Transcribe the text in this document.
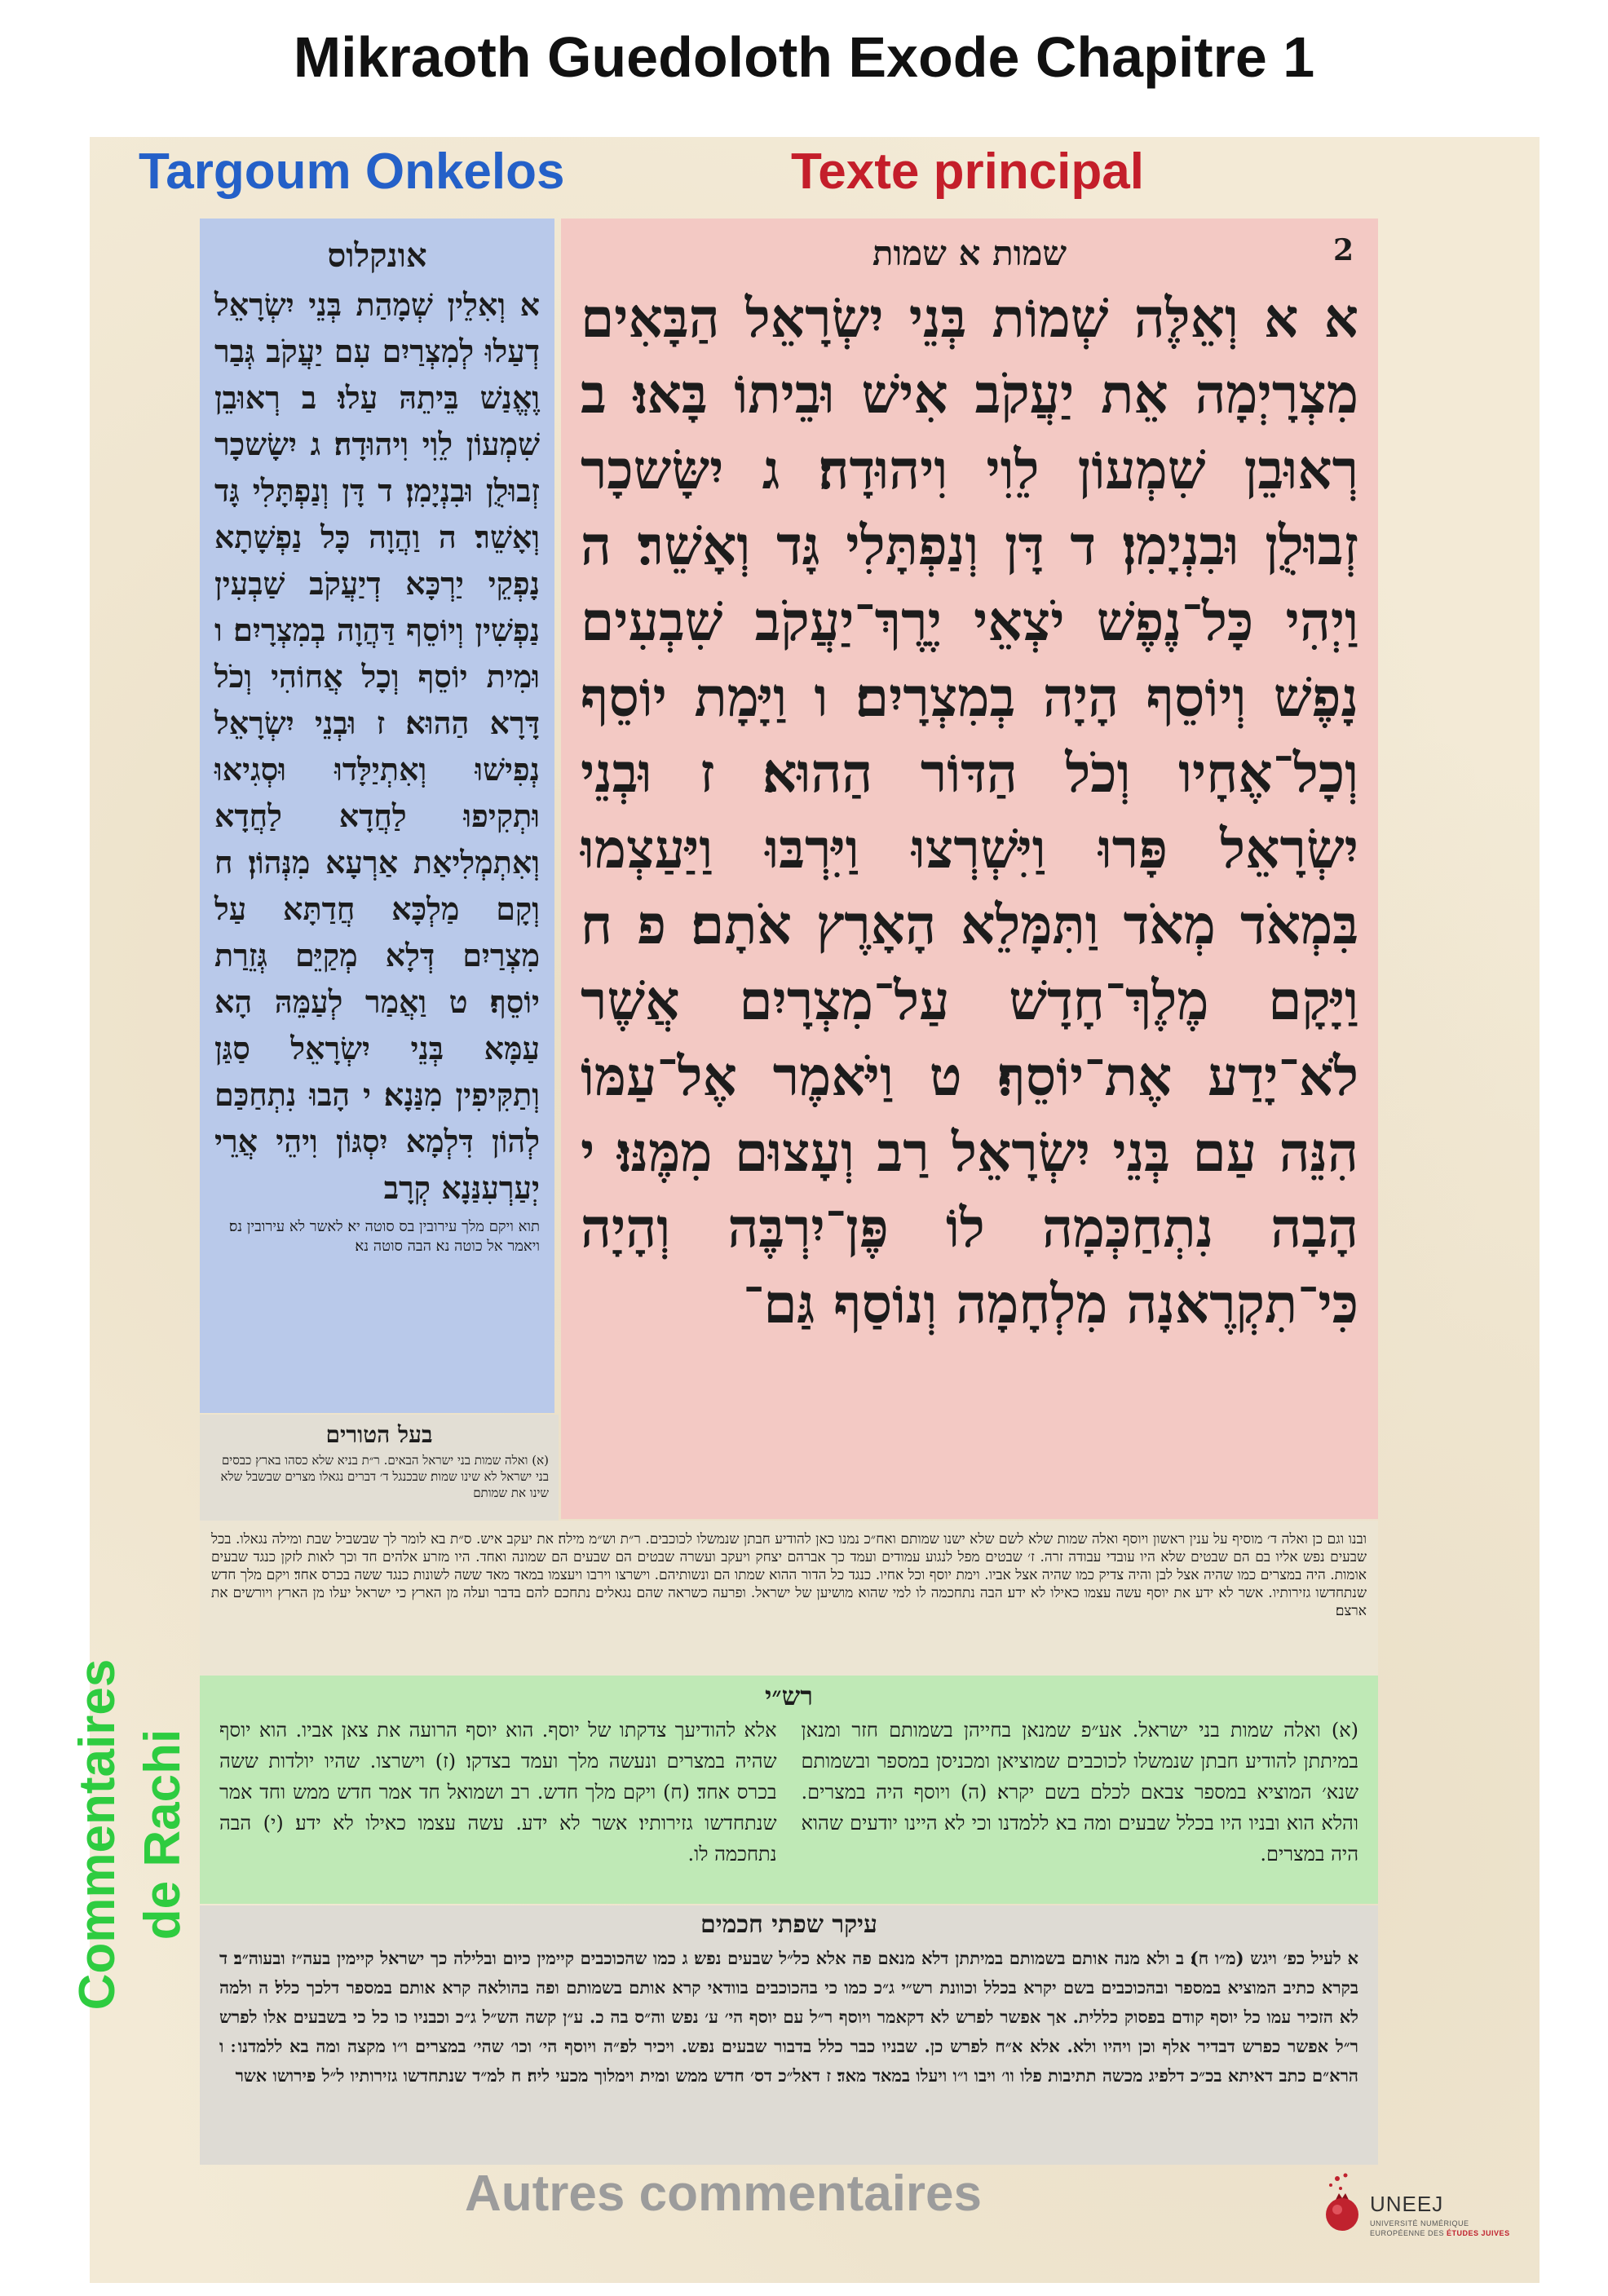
Mikraoth Guedoloth Exode Chapitre 1
Targoum Onkelos	Texte principal
Commentaires de Rachi
אונקלוס
א וְאִלֵין שְׁמָהַת בְּנֵי יִשְׂרָאֵל דְעַלוּ לְמִצְרַיִם עִם יַעֲקֹב גְּבַר וֶאֱנַשׁ בֵּיתֵהּ עַלוּ׃ ב רְאוּבֵן שִׁמְעוֹן לֵוִי וִיהוּדָה׃ ג יִשָׂשכָר זְבוּלֻן וּבִנְיָמִן׃ ד דָּן וְנַפְתָּלִי גָּד וְאָשֵׁר׃ ה וַהֲוָה כָּל נַפְשָׁתָא נָפְקֵי יַרְכָּא דְיַעֲקֹב שַׁבְעִין נַפְשִׁין וְיוֹסֵף דַּהֲוָה בְמִצְרָיִם׃ ו וּמִית יוֹסֵף וְכָל אֲחוֹהִי וְכֹל דָּרָא הַהוּא׃ ז וּבְנֵי יִשְׂרָאֵל נְפִישׁוּ וְאִתְיַלָּדוּ וּסְגִיאוּ וּתְקִיפוּ לַחֲדָא לַחֲדָא וְאִתְמְלִיאַת אַרְעָא מִנְּהוֹן׃ ח וְקָם מַלְכָּא חֲדַתָּא עַל מִצְרַיִם דְּלָא מְקַיֵּם גְּזֵרַת יוֹסֵף׃ ט וַאֲמַר לְעַמֵּהּ הָא עַמָּא בְּנֵי יִשְׂרָאֵל סַגַּן וְתַקִּיפִין מִנַּנָא׃ י הָבוּ נִתְחַכַּם לְהוֹן דִּלְמָא יִסְגּוֹן וִיהֵי אֲרֵי יְעַרְעִנַּנָא קְרָב
תוא ויקם מלך עירובין בס סוטה יא׃ לאשר לא עירובין נס׃ ויאמר אל כוטה נא׃ הבה סוטה נא׃
שמות א שמות	2
א א וְאֵלֶּה שְׁמוֹת בְּנֵי יִשְׂרָאֵל הַבָּאִים מִצְרָיְמָה אֵת יַעֲקֹב אִישׁ וּבֵיתוֹ בָּאוּ׃ ב רְאוּבֵן שִׁמְעוֹן לֵוִי וִיהוּדָה׃ ג יִשָּׂשכָר זְבוּלֻן וּבִנְיָמִן׃ ד דָּן וְנַפְתָּלִי גָּד וְאָשֵׁר׃ ה וַיְהִי כָּל־נֶפֶשׁ יֹצְאֵי יֶרֶךְ־יַעֲקֹב שִׁבְעִים נָפֶשׁ וְיוֹסֵף הָיָה בְמִצְרָיִם׃ ו וַיָּמָת יוֹסֵף וְכָל־אֶחָיו וְכֹל הַדּוֹר הַהוּא׃ ז וּבְנֵי יִשְׂרָאֵל פָּרוּ וַיִּשְׁרְצוּ וַיִּרְבּוּ וַיַּעַצְמוּ בִּמְאֹד מְאֹד וַתִּמָּלֵא הָאָרֶץ אֹתָם׃ פ ח וַיָּקָם מֶלֶךְ־חָדָשׁ עַל־מִצְרָיִם אֲשֶׁר לֹא־יָדַע אֶת־יוֹסֵף׃ ט וַיֹּאמֶר אֶל־עַמּוֹ הִנֵּה עַם בְּנֵי יִשְׂרָאֵל רַב וְעָצוּם מִמֶּנּוּ׃ י הָבָה נִתְחַכְּמָה לוֹ פֶּן־יִרְבֶּה וְהָיָה כִּי־תִקְרֶאנָה מִלְחָמָה וְנוֹסַף גַּם־
בעל הטורים
(א) ואלה שמות בני ישראל הבאים. ר״ת בניא שלא כסהו בארץ כבסים בני ישראל לא שינו שמות׃ שבכנגל ד׳ דברים נגאלו מצרים שבשבל שלא שינו את שמותם
ובנו וגם כן ואלה ד׳ מוסיף על ענין ראשון ויוסף ואלה שמות שלא לשם שלא ישנו שמותם ואח״כ נמנו כאן להודיע חבתן שנמשלו לכוכבים. ר״ת וש״מ מילה׃ את יעקב איש. ס״ת בא לומר לך שבשביל שבת ומילה נגאלו. בכל שבעים נפש אליו בם הם שבטים שלא היו עובדי עבודה זרה. ז׳ שבטים מפל לנגוע עמודים ועמד כך אברהם יצחק ויעקב ועשרה שבטים הם שבעים הם שמונה ואחד. היו מזרע אלהים חד וכך לאות לזקן כנגד שבעים אומות. היה במצרים כמו שהיה אצל לבן והיה צדיק כמו שהיה אצל אביו. וימת יוסף וכל אחיו. כנגד כל הדור ההוא שמתו הם ונשותיהם. וישרצו וירבו ויעצמו במאד מאד ששה לשונות כנגד ששה בכרס אחד׃ ויקם מלך חדש שנתחדשו גזירותיו. אשר לא ידע את יוסף עשה עצמו כאילו לא ידע׃ הבה נתחכמה לו למי שהוא מושיען של ישראל. ופרעה כשראה שהם נגאלים נתחכם להם בדבר ועלה מן הארץ כי ישראל יעלו מן הארץ ויורשים את ארצם׃
רש״י
(א) ואלה שמות בני ישראל. אע״פ שמנאן בחייהן בשמותם חזר ומנאן במיתתן להודיע חבתן שנמשלו לכוכבים שמוציאן ומכניסן במספר ובשמותם שנא׳ המוציא במספר צבאם לכלם בשם יקרא׃ (ה) ויוסף היה במצרים. והלא הוא ובניו היו בכלל שבעים ומה בא ללמדנו וכי לא היינו יודעים שהוא היה במצרים.
אלא להודיעך צדקתו של יוסף. הוא יוסף הרועה את צאן אביו. הוא יוסף שהיה במצרים ונעשה מלך ועמד בצדקו׃ (ז) וישרצו. שהיו יולדות ששה בכרס אחד׃ (ח) ויקם מלך חדש. רב ושמואל חד אמר חדש ממש וחד אמר שנתחדשו גזירותיו׃ אשר לא ידע. עשה עצמו כאילו לא ידע׃ (י) הבה נתחכמה לו.
עיקר שפתי חכמים
א לעיל כפ׳ ויגש (מ״ו ח)׃ ב ולא מנה אותם בשמותם במיתתן דלא מנאם פה אלא כל״ל שבעים נפש׃ ג כמו שהכוכבים קיימין כיום ובלילה כך ישראל קיימין בעה״ז ובעוה״ב׃ ד בקרא כתיב המוציא במספר ובהכוכבים בשם יקרא בכלל וכוונת רש״י ג״כ כמו כי בהכוכבים בוודאי קרא אותם בשמותם ופה בהולאה קרא אותם במספר דלכך כלל׃ ה ולמה לא הזכיר עמו כל יוסף קודם בפסוק כללית. אך אפשר לפרש לא דקאמר ויוסף ר״ל עם יוסף הי׳ ע׳ נפש וה״ס בה כ. ע״ן קשה הש״ל ג״כ וכבניו כו כל כי בשבעים אלו לפרש ר״ל אפשר כפרש דבדיר אלף וכן ויהיו ולא. אלא א״ח לפרש כן. שבניו כבר כלל בדבור שבעים נפש. ויכיר לפ״ה ויוסף הי׳ וכו׳ שהי׳ במצרים ו״ו מקצה ומה בא ללמדנו ׃ ו הרא״ם כתב דאיתא בכ״כ דלפיג מכשה תתיבות פלו וו׳ ויבו ו״ו ויעלו במאד מאד׃ ז דאל״כ דס׳ חדש ממש ומית וימלוך מכעי ליה׃ ח למ״ד שנתחדשו גזירותיו ל״ל פירושו אשר
Autres commentaires	UNEEJ
UNIVERSITÉ NUMÉRIQUE
EUROPÉENNE DES ÉTUDES JUIVES
